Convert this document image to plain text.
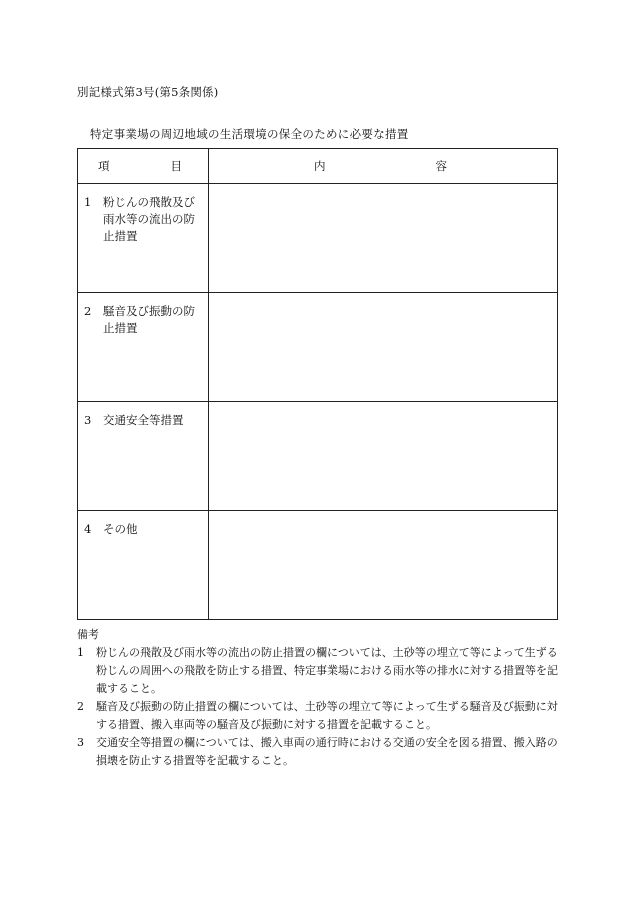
別記様式第3号(第5条関係)
特定事業場の周辺地域の生活環境の保全のために必要な措置
項 目	内 容

1 粉じんの飛散及び雨水等の流出の防止措置	

2 騒音及び振動の防止措置	

3 交通安全等措置	

4 その他	

備考
1	粉じんの飛散及び雨水等の流出の防止措置の欄については、土砂等の埋立て等によって生ずる粉じんの周囲への飛散を防止する措置、特定事業場における雨水等の排水に対する措置等を記載すること。
2	騒音及び振動の防止措置の欄については、土砂等の埋立て等によって生ずる騒音及び振動に対する措置、搬入車両等の騒音及び振動に対する措置を記載すること。
3	交通安全等措置の欄については、搬入車両の通行時における交通の安全を図る措置、搬入路の損壊を防止する措置等を記載すること。
